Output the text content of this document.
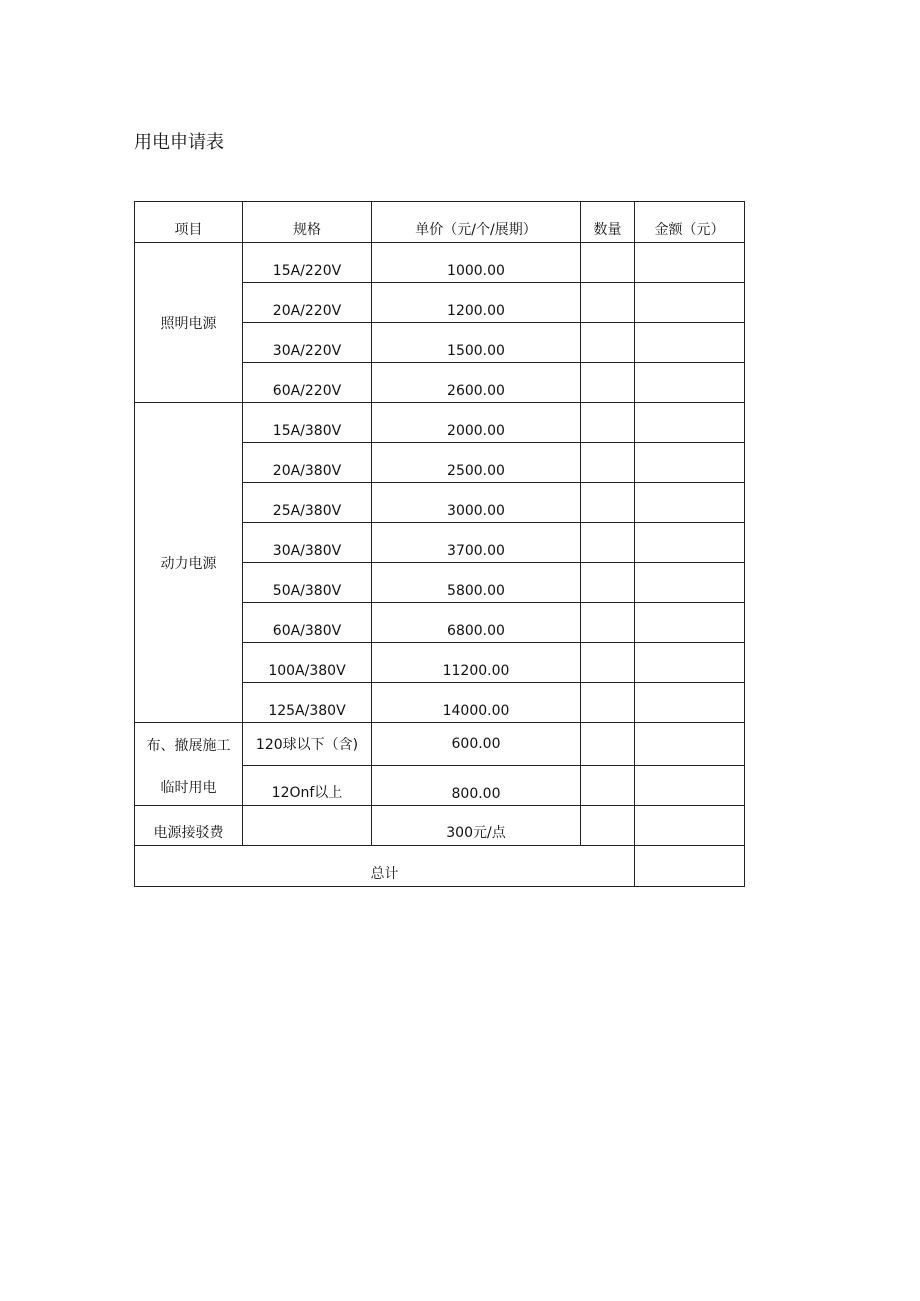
用电申请表
项目	规格	单价（元/个/展期）	数量	金额（元）
照明电源	15A/220V	1000.00		
	20A/220V	1200.00		
	30A/220V	1500.00		
	60A/220V	2600.00		
动力电源	15A/380V	2000.00		
	20A/380V	2500.00		
	25A/380V	3000.00		
	30A/380V	3700.00		
	50A/380V	5800.00		
	60A/380V	6800.00		
	100A/380V	11200.00		
	125A/380V	14000.00		

布、撤展施工
临时用电	120球以下（含)	600.00		
	12Onf以上	800.00		
电源接驳费		300元/点		
总计				
